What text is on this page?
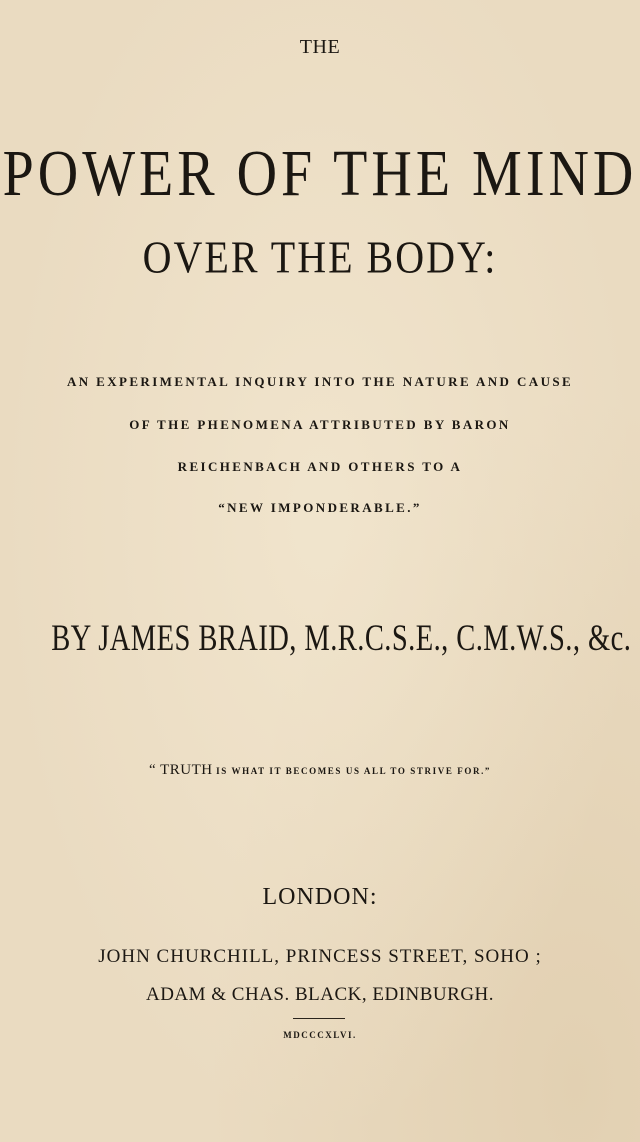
THE
POWER OF THE MIND
OVER THE BODY:
AN EXPERIMENTAL INQUIRY INTO THE NATURE AND CAUSE
OF THE PHENOMENA ATTRIBUTED BY BARON
REICHENBACH AND OTHERS TO A
“NEW IMPONDERABLE.”
BY JAMES BRAID, M.R.C.S.E., C.M.W.S., &c.
“ TRUTH IS WHAT IT BECOMES US ALL TO STRIVE FOR.”
LONDON:
JOHN CHURCHILL, PRINCESS STREET, SOHO ;
ADAM & CHAS. BLACK, EDINBURGH.
MDCCCXLVI.
